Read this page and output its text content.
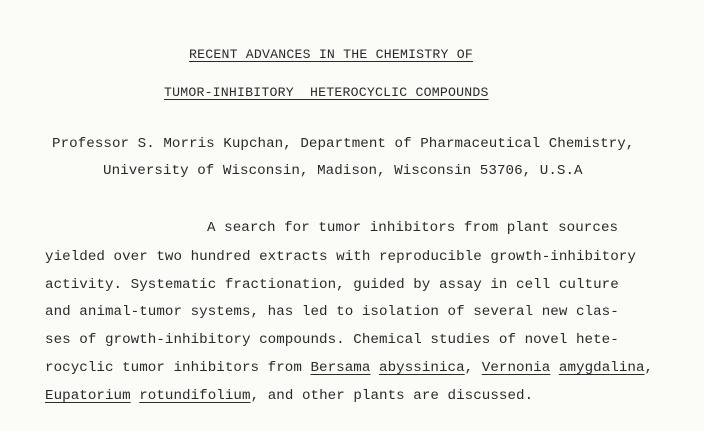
RECENT ADVANCES IN THE CHEMISTRY OF
TUMOR-INHIBITORY  HETEROCYCLIC COMPOUNDS
Professor S. Morris Kupchan, Department of Pharmaceutical Chemistry,
University of Wisconsin, Madison, Wisconsin 53706, U.S.A
A search for tumor inhibitors from plant sources
yielded over two hundred extracts with reproducible growth-inhibitory
activity. Systematic fractionation, guided by assay in cell culture
and animal-tumor systems, has led to isolation of several new clas-
ses of growth-inhibitory compounds. Chemical studies of novel hete-
rocyclic tumor inhibitors from Bersama abyssinica, Vernonia amygdalina,
Eupatorium rotundifolium, and other plants are discussed.
